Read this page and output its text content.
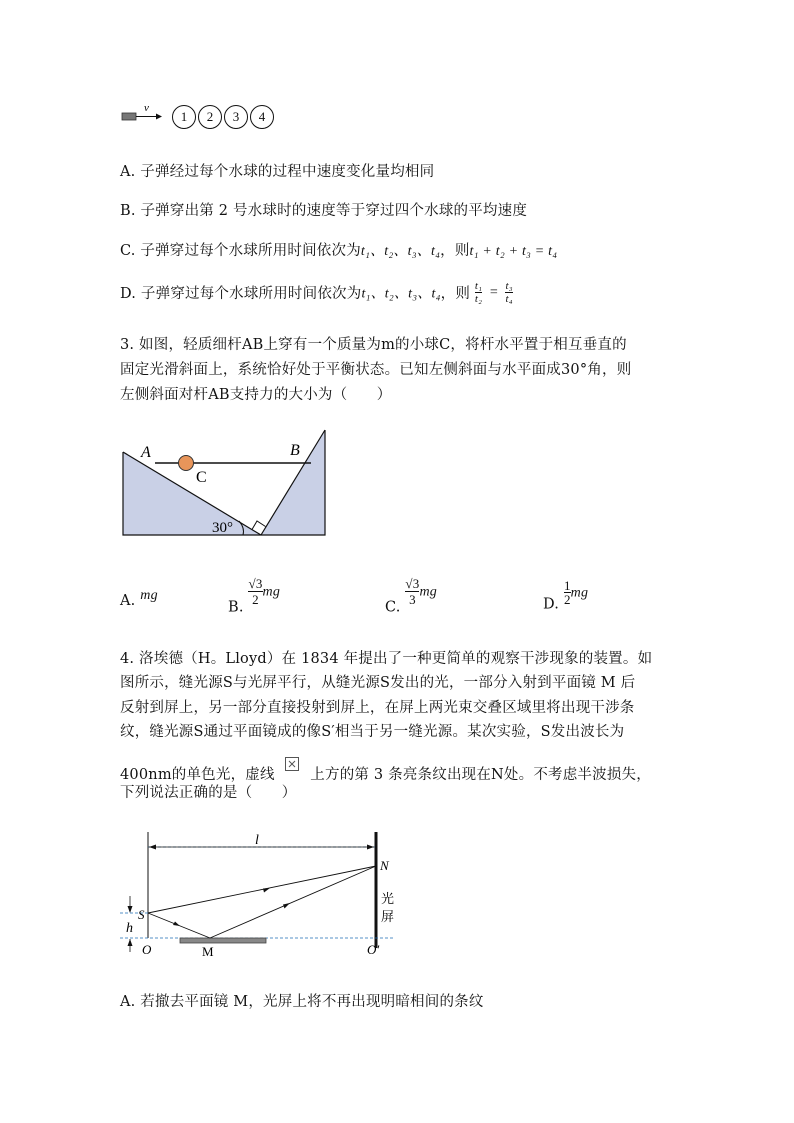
v
1	2	3	4
A. 子弹经过每个水球的过程中速度变化量均相同
B. 子弹穿出第 2 号水球时的速度等于穿过四个水球的平均速度
C. 子弹穿过每个水球所用时间依次为t₁、t₂、t₃、t₄，则t₁ + t₂ + t₃ = t₄
D. 子弹穿过每个水球所用时间依次为t₁、t₂、t₃、t₄，则 $\frac{\text{t₁}}{\text{t₂}} = \frac{\text{t₃}}{\text{t₄}}$
3. 如图，轻质细杆AB上穿有一个质量为m的小球C，将杆水平置于相互垂直的
固定光滑斜面上，系统恰好处于平衡状态。已知左侧斜面与水平面成30°角，则
左侧斜面对杆AB支持力的大小为（　　）
A	B
C
30°
A. mg
B.
$\frac{√3}{2}$ mg
C.
$\frac{√3}{3}$ mg
D. $\frac{1}{2}$ mg
4. 洛埃德（H。Lloyd）在 1834 年提出了一种更简单的观察干涉现象的装置。如
图所示，缝光源S与光屏平行，从缝光源S发出的光，一部分入射到平面镜 M 后
反射到屏上，另一部分直接投射到屏上，在屏上两光束交叠区域里将出现干涉条
纹，缝光源S通过平面镜成的像S′相当于另一缝光源。某次实验，S发出波长为
400nm的单色光，虚线 上方的第 3 条亮条纹出现在N处。不考虑半波损失，
下列说法正确的是（　　）
l
h
N
S
O	M	O′
光
屏
A. 若撤去平面镜 M，光屏上将不再出现明暗相间的条纹
